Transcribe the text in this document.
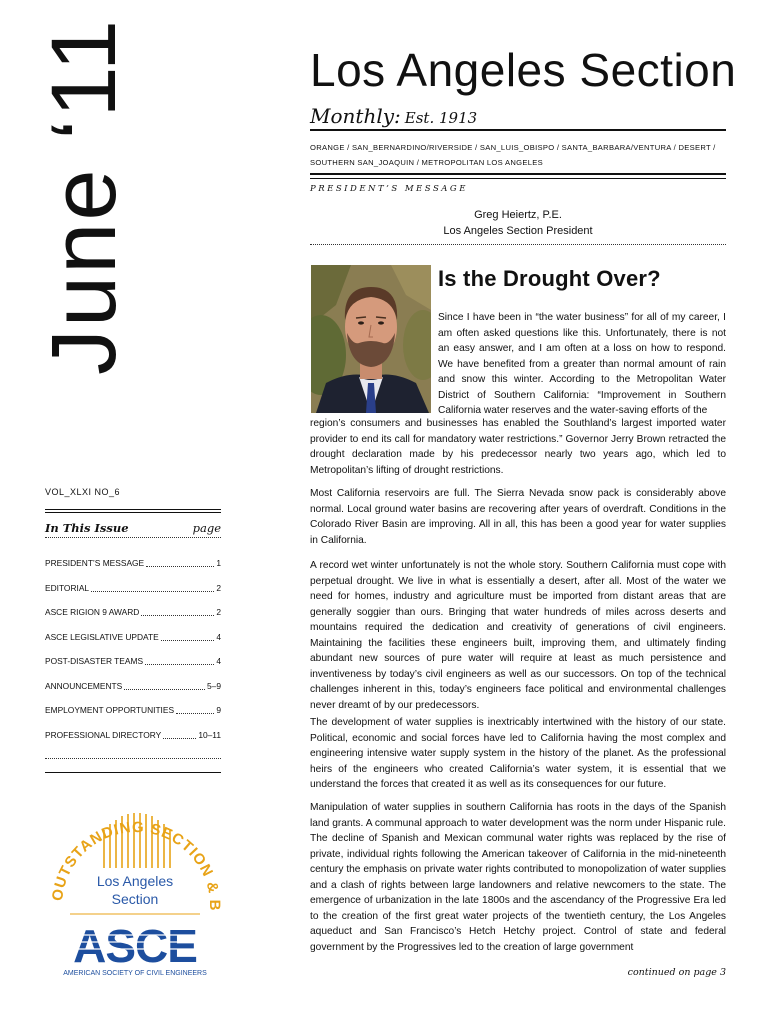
June ‘11	Los Angeles Section
Monthly: Est. 1913
ORANGE / SAN_BERNARDINO/RIVERSIDE / SAN_LUIS_OBISPO / SANTA_BARBARA/VENTURA / DESERT /
SOUTHERN SAN_JOAQUIN / METROPOLITAN LOS ANGELES
PRESIDENT’S MESSAGE
Greg Heiertz, P.E.
Los Angeles Section President
Is the Drought Over?
Since I have been in “the water business” for all of my career, I am often asked questions like this. Unfortunately, there is not an easy answer, and I am often at a loss on how to respond. We have benefited from a greater than normal amount of rain and snow this winter. According to the Metropolitan Water District of Southern California: “Improvement in Southern California water reserves and the water-saving efforts of the
region’s consumers and businesses has enabled the Southland’s largest imported water provider to end its call for mandatory water restrictions.” Governor Jerry Brown retracted the drought declaration made by his predecessor nearly two years ago, which led to Metropolitan’s lifting of drought restrictions.
Most California reservoirs are full. The Sierra Nevada snow pack is considerably above normal. Local ground water basins are recovering after years of overdraft. Conditions in the Colorado River Basin are improving. All in all, this has been a good year for water supplies in California.
A record wet winter unfortunately is not the whole story. Southern California must cope with perpetual drought. We live in what is essentially a desert, after all. Most of the water we need for homes, industry and agriculture must be imported from distant areas that are generally soggier than ours. Bringing that water hundreds of miles across deserts and mountains required the dedication and creativity of generations of civil engineers. Maintaining the facilities these engineers built, improving them, and ultimately finding abundant new sources of pure water will require at least as much persistence and inventiveness by today’s civil engineers as well as our successors. On top of the technical challenges inherent in this, today’s engineers face political and environmental challenges never dreamt of by our predecessors.
The development of water supplies is inextricably intertwined with the history of our state. Political, economic and social forces have led to California having the most complex and engineering intensive water supply system in the history of the planet. As the professional heirs of the engineers who created California’s water system, it is essential that we understand the forces that created it as well as its consequences for our future.
Manipulation of water supplies in southern California has roots in the days of the Spanish land grants. A communal approach to water development was the norm under Hispanic rule. The decline of Spanish and Mexican communal water rights was replaced by the rise of private, individual rights following the American takeover of California in the mid-nineteenth century the emphasis on private water rights contributed to monopolization of water supplies and a clash of rights between large landowners and relative newcomers to the state. The emergence of urbanization in the late 1800s and the ascendancy of the Progressive Era led to the creation of the first great water projects of the twentieth century, the Los Angeles aqueduct and San Francisco’s Hetch Hetchy project. Control of state and federal government by the Progressives led to the creation of large government
continued on page 3
VOL_XLXI NO_6
In This Issue	page
PRESIDENT’S MESSAGE	1
EDITORIAL	2
ASCE RIGION 9 AWARD	2
ASCE LEGISLATIVE UPDATE	4
POST-DISASTER TEAMS	4
ANNOUNCEMENTS	5–9
EMPLOYMENT OPPORTUNITIES	9
PROFESSIONAL DIRECTORY	10–11
OUTSTANDING SECTION & B
Los Angeles
Section
ASCE
AMERICAN SOCIETY OF CIVIL ENGINEERS
